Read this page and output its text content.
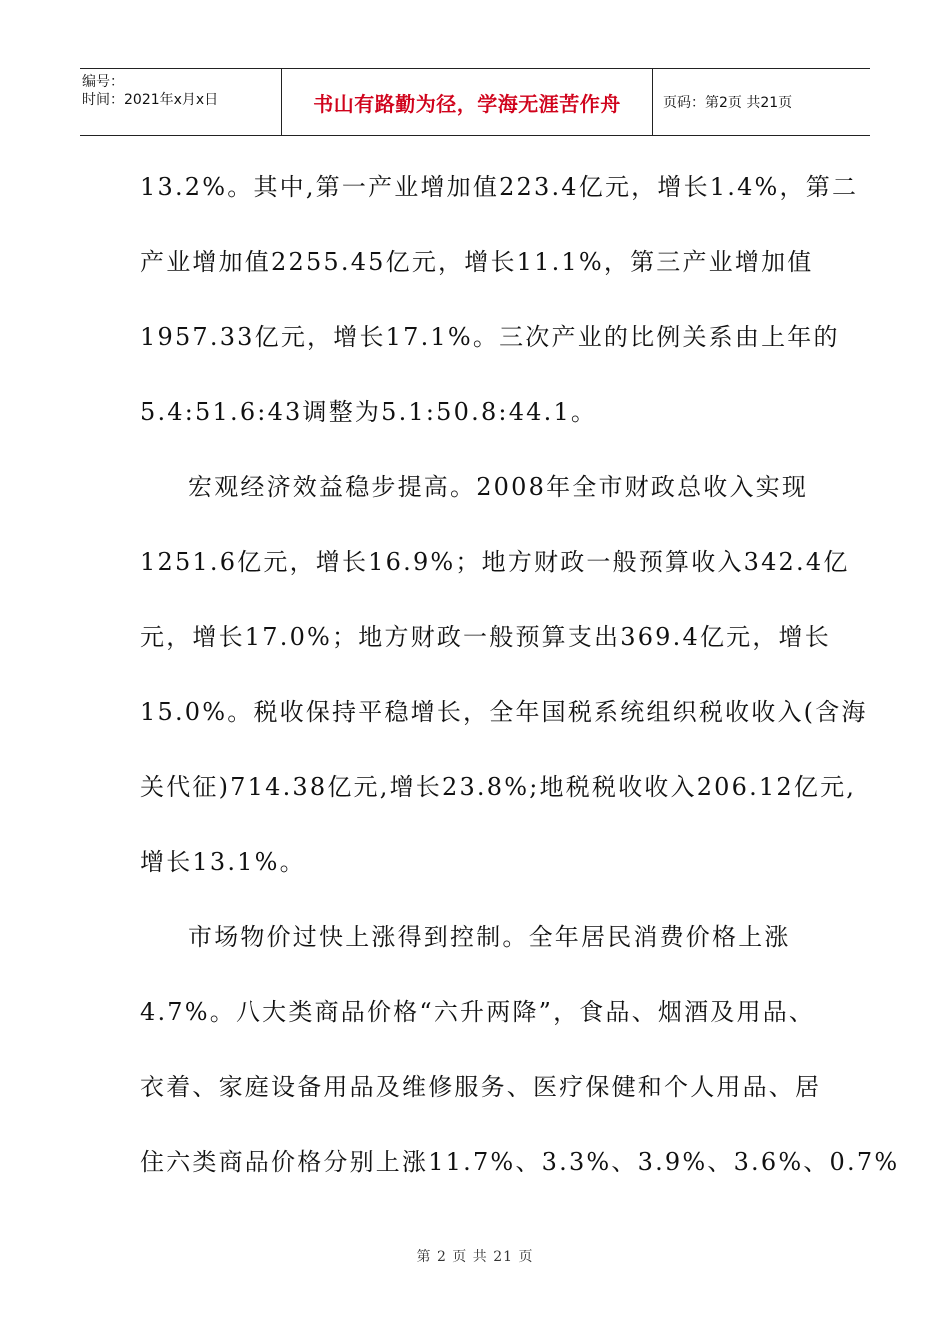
编号：
时间：2021年x月x日	书山有路勤为径，学海无涯苦作舟	页码：第2页 共21页
13.2%。其中,第一产业增加值223.4亿元，增长1.4%，第二
产业增加值2255.45亿元，增长11.1%，第三产业增加值
1957.33亿元，增长17.1%。三次产业的比例关系由上年的
5.4:51.6:43调整为5.1:50.8:44.1。
宏观经济效益稳步提高。2008年全市财政总收入实现
1251.6亿元，增长16.9%；地方财政一般预算收入342.4亿
元，增长17.0%；地方财政一般预算支出369.4亿元，增长
15.0%。税收保持平稳增长，全年国税系统组织税收收入(含海
关代征)714.38亿元,增长23.8%;地税税收收入206.12亿元,
增长13.1%。
市场物价过快上涨得到控制。全年居民消费价格上涨
4.7%。八大类商品价格“六升两降”，食品、烟酒及用品、
衣着、家庭设备用品及维修服务、医疗保健和个人用品、居
住六类商品价格分别上涨11.7%、3.3%、3.9%、3.6%、0.7%
第 2 页 共 21 页
